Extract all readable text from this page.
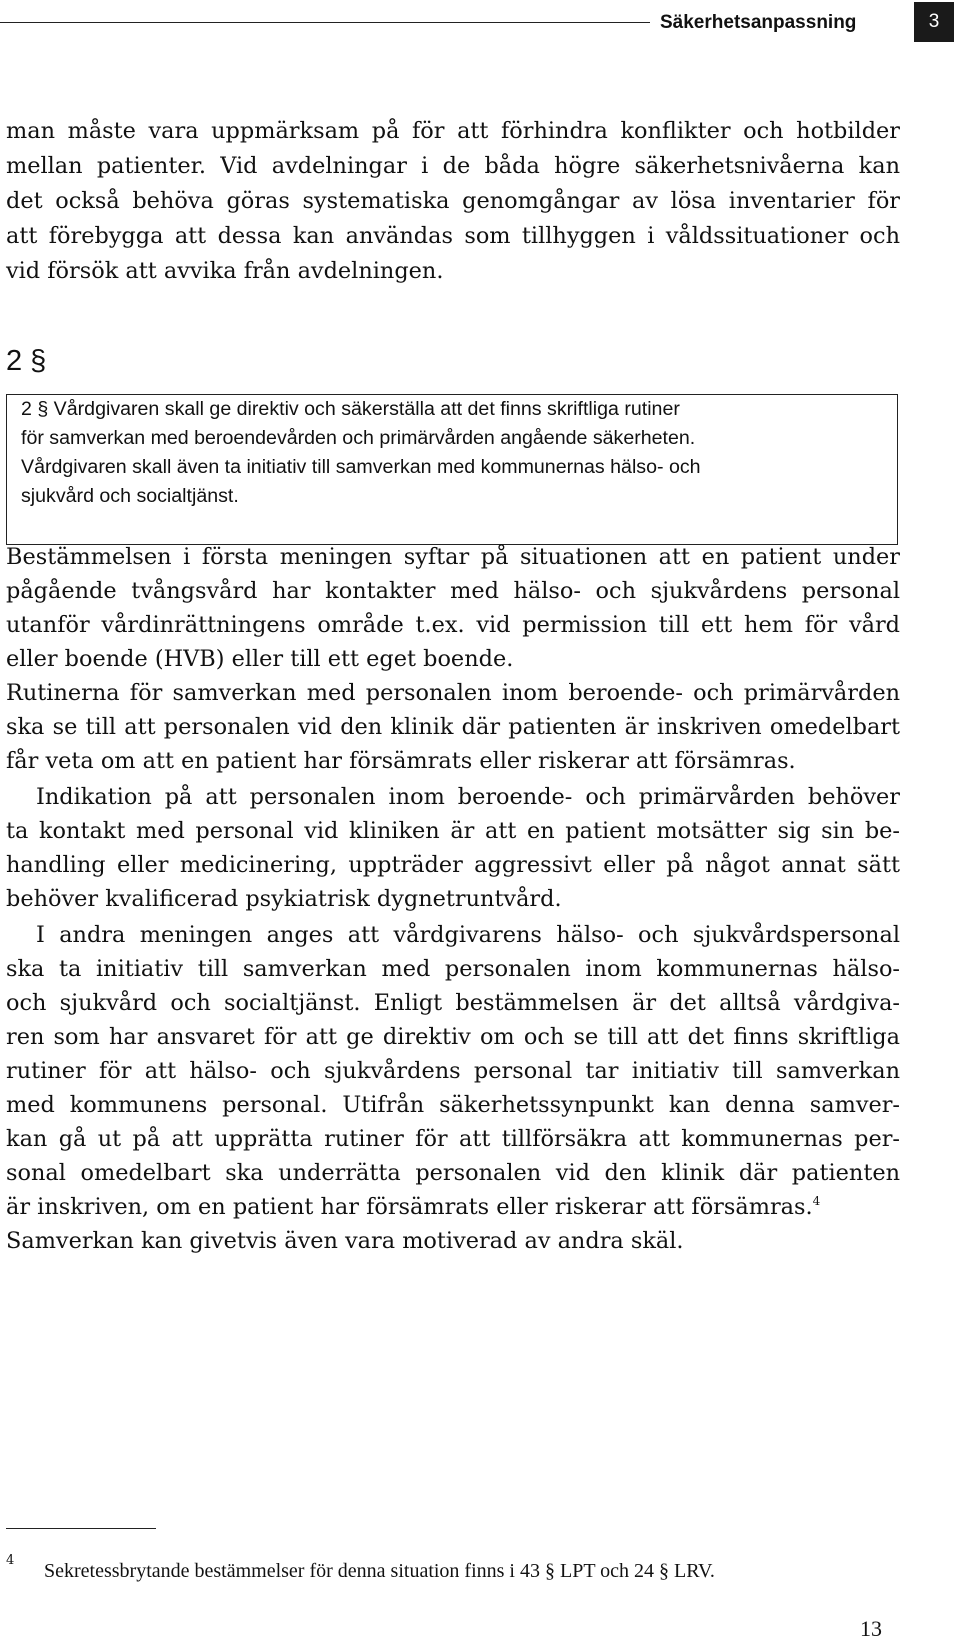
Säkerhetsanpassning	3
man måste vara uppmärksam på för att förhindra konflikter och hotbilder
mellan patienter. Vid avdelningar i de båda högre säkerhetsnivåerna kan
det också behöva göras systematiska genomgångar av lösa inventarier för
att förebygga att dessa kan användas som tillhyggen i våldssituationer och
vid försök att avvika från avdelningen.
2 §
2 § Vårdgivaren skall ge direktiv och säkerställa att det finns skriftliga rutiner
för samverkan med beroendevården och primärvården angående säkerheten.
Vårdgivaren skall även ta initiativ till samverkan med kommunernas hälso- och
sjukvård och socialtjänst.
Bestämmelsen i första meningen syftar på situationen att en patient under
pågående tvångsvård har kontakter med hälso- och sjukvårdens personal
utanför vårdinrättningens område t.ex. vid permission till ett hem för vård
eller boende (HVB) eller till ett eget boende.
Rutinerna för samverkan med personalen inom beroende- och primärvården
ska se till att personalen vid den klinik där patienten är inskriven omedelbart
får veta om att en patient har försämrats eller riskerar att försämras.
Indikation på att personalen inom beroende- och primärvården behöver
ta kontakt med personal vid kliniken är att en patient motsätter sig sin be-
handling eller medicinering, uppträder aggressivt eller på något annat sätt
behöver kvalificerad psykiatrisk dygnetruntvård.
I andra meningen anges att vårdgivarens hälso- och sjukvårdspersonal
ska ta initiativ till samverkan med personalen inom kommunernas hälso-
och sjukvård och socialtjänst. Enligt bestämmelsen är det alltså vårdgiva-
ren som har ansvaret för att ge direktiv om och se till att det finns skriftliga
rutiner för att hälso- och sjukvårdens personal tar initiativ till samverkan
med kommunens personal. Utifrån säkerhetssynpunkt kan denna samver-
kan gå ut på att upprätta rutiner för att tillförsäkra att kommunernas per-
sonal omedelbart ska underrätta personalen vid den klinik där patienten
är inskriven, om en patient har försämrats eller riskerar att försämras.$^4$
Samverkan kan givetvis även vara motiverad av andra skäl.
4 Sekretessbrytande bestämmelser för denna situation finns i 43 § LPT och 24 § LRV.
13
